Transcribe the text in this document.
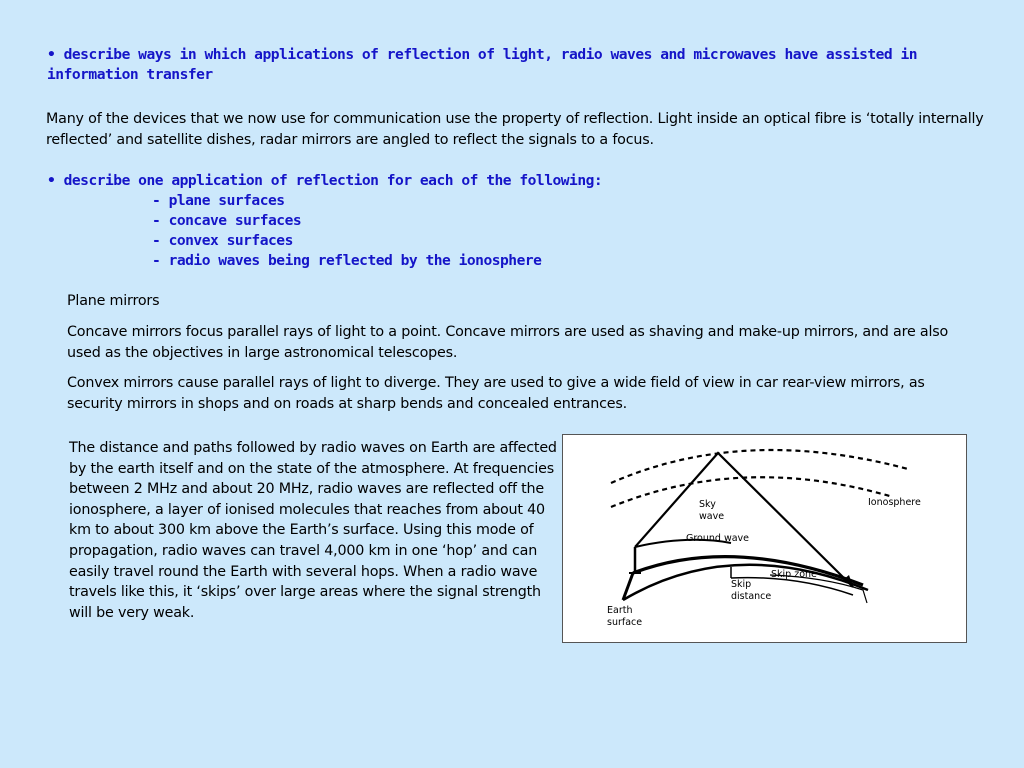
• describe ways in which applications of reflection of light, radio waves and microwaves have assisted in information transfer

Many of the devices that we now use for communication use the property of reflection. Light inside an optical fibre is ‘totally internally reflected’ and satellite dishes, radar mirrors are angled to reflect the signals to a focus.

• describe one application of reflection for each of the following:
- plane surfaces
- concave surfaces
- convex surfaces
- radio waves being reflected by the ionosphere

Plane mirrors

Concave mirrors focus parallel rays of light to a point. Concave mirrors are used as shaving and make-up mirrors, and are also used as the objectives in large astronomical telescopes.

Convex mirrors cause parallel rays of light to diverge. They are used to give a wide field of view in car rear-view mirrors, as security mirrors in shops and on roads at sharp bends and concealed entrances.

The distance and paths followed by radio waves on Earth are affected by the earth itself and on the state of the atmosphere. At frequencies between 2 MHz and about 20 MHz, radio waves are reflected off the ionosphere, a layer of ionised molecules that reaches from about 40 km to about 300 km above the Earth’s surface. Using this mode of propagation, radio waves can travel 4,000 km in one ‘hop’ and can easily travel round the Earth with several hops. When a radio wave travels like this, it ‘skips’ over large areas where the signal strength will be very weak.

Ionosphere
Sky
wave
Ground wave
Skip zone
Skip
distance
Earth
surface
